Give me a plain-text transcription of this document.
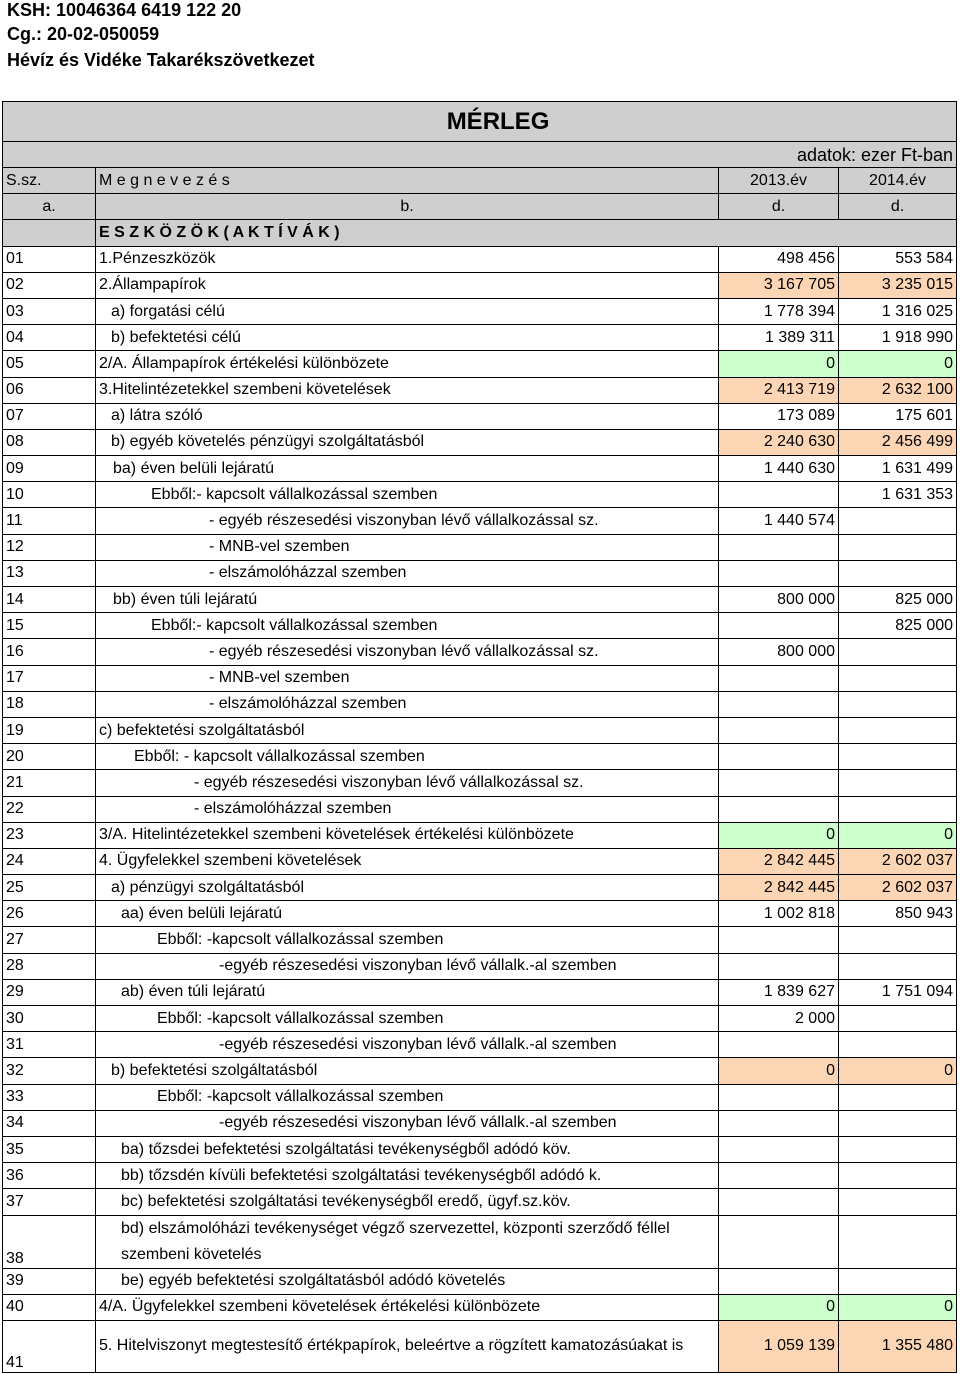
KSH: 10046364 6419 122 20
Cg.: 20-02-050059
Hévíz és Vidéke Takarékszövetkezet
MÉRLEG			
adatok: ezer Ft-ban			
S.sz.	M e g n e v e z é s	2013.év	2014.év
a.	b.	d.	d.
	E S Z K Ö Z Ö K ( A K T Í V Á K )		
01	1.Pénzeszközök	498 456	553 584
02	2.Állampapírok	3 167 705	3 235 015
03	a) forgatási célú	1 778 394	1 316 025
04	b) befektetési célú	1 389 311	1 918 990
05	2/A. Állampapírok értékelési különbözete	0	0
06	3.Hitelintézetekkel szembeni követelések	2 413 719	2 632 100
07	a) látra szóló	173 089	175 601
08	b) egyéb követelés pénzügyi szolgáltatásból	2 240 630	2 456 499
09	ba) éven belüli lejáratú	1 440 630	1 631 499
10	Ebből:- kapcsolt vállalkozással szemben		1 631 353
11	- egyéb részesedési viszonyban lévő vállalkozással sz.	1 440 574	
12	- MNB-vel szemben		
13	- elszámolóházzal szemben		
14	bb) éven túli lejáratú	800 000	825 000
15	Ebből:- kapcsolt vállalkozással szemben		825 000
16	- egyéb részesedési viszonyban lévő vállalkozással sz.	800 000	
17	- MNB-vel szemben		
18	- elszámolóházzal szemben		
19	c) befektetési szolgáltatásból		
20	Ebből: - kapcsolt vállalkozással szemben		
21	- egyéb részesedési viszonyban lévő vállalkozással sz.		
22	- elszámolóházzal szemben		
23	3/A. Hitelintézetekkel szembeni követelések értékelési különbözete	0	0
24	4. Ügyfelekkel szembeni követelések	2 842 445	2 602 037
25	a) pénzügyi szolgáltatásból	2 842 445	2 602 037
26	aa) éven belüli lejáratú	1 002 818	850 943
27	Ebből: -kapcsolt vállalkozással szemben		
28	-egyéb részesedési viszonyban lévő vállalk.-al szemben		
29	ab) éven túli lejáratú	1 839 627	1 751 094
30	Ebből: -kapcsolt vállalkozással szemben	2 000	
31	-egyéb részesedési viszonyban lévő vállalk.-al szemben		
32	b) befektetési szolgáltatásból	0	0
33	Ebből: -kapcsolt vállalkozással szemben		
34	-egyéb részesedési viszonyban lévő vállalk.-al szemben		
35	ba) tőzsdei befektetési szolgáltatási tevékenységből adódó köv.		
36	bb) tőzsdén kívüli befektetési szolgáltatási tevékenységből adódó k.		
37	bc) befektetési szolgáltatási tevékenységből eredő, ügyf.sz.köv.		
38	bd) elszámolóházi tevékenységet végző szervezettel, központi szerződő féllel szembeni követelés		
39	be) egyéb befektetési szolgáltatásból adódó követelés		
40	4/A. Ügyfelekkel szembeni követelések értékelési különbözete	0	0
41	5. Hitelviszonyt megtestesítő értékpapírok, beleértve a rögzített kamatozásúakat is	1 059 139	1 355 480
